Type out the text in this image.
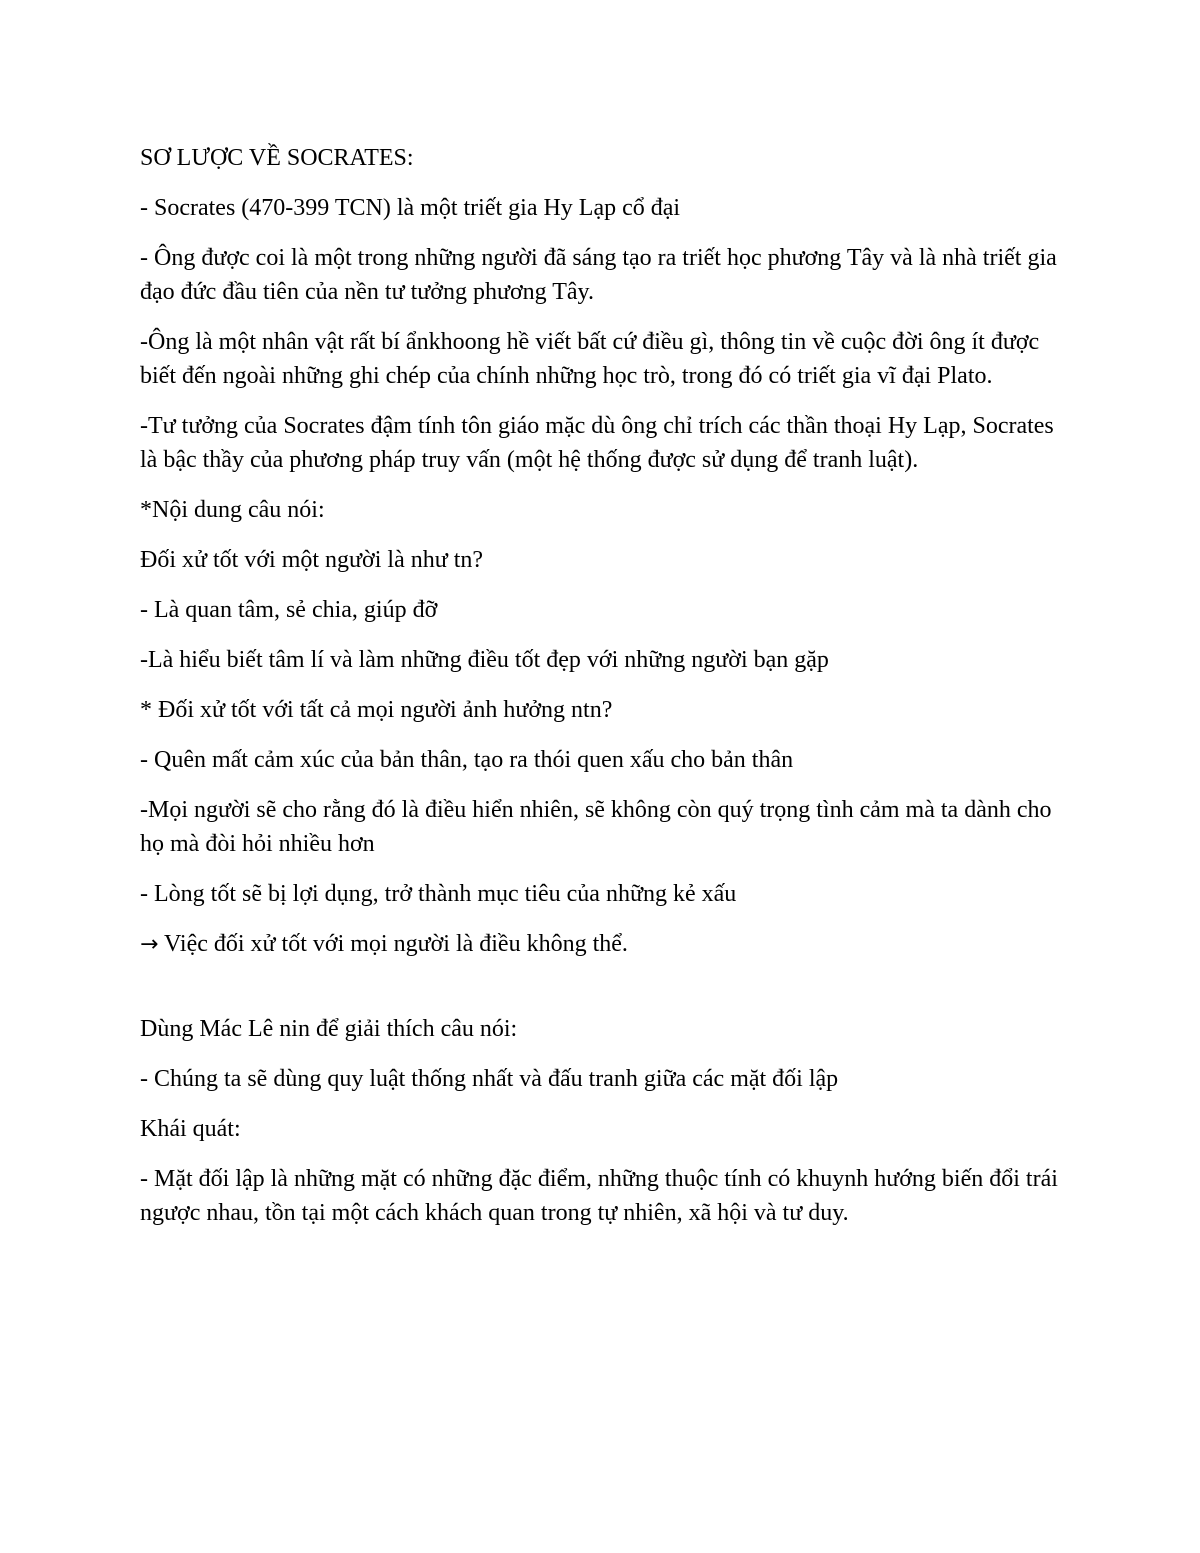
SƠ LƯỢC VỀ SOCRATES:

- Socrates (470-399 TCN) là một triết gia Hy Lạp cổ đại

- Ông được coi là một trong những người đã sáng tạo ra triết học phương Tây và là nhà triết gia đạo đức đầu tiên của nền tư tưởng phương Tây.

-Ông là một nhân vật rất bí ẩnkhoong hề viết bất cứ điều gì, thông tin về cuộc đời ông ít được biết đến ngoài những ghi chép của chính những học trò, trong đó có triết gia vĩ đại Plato.

-Tư tưởng của Socrates đậm tính tôn giáo mặc dù ông chỉ trích các thần thoại Hy Lạp, Socrates là bậc thầy của phương pháp truy vấn (một hệ thống được sử dụng để tranh luật).

*Nội dung câu nói:

Đối xử tốt với một người là như tn?

- Là quan tâm, sẻ chia, giúp đỡ

-Là hiểu biết tâm lí và làm những điều tốt đẹp với những người bạn gặp

* Đối xử tốt với tất cả mọi người ảnh hưởng ntn?

- Quên mất cảm xúc của bản thân, tạo ra thói quen xấu cho bản thân

-Mọi người sẽ cho rằng đó là điều hiển nhiên, sẽ không còn quý trọng tình cảm mà ta dành cho họ mà đòi hỏi nhiều hơn

- Lòng tốt sẽ bị lợi dụng, trở thành mục tiêu của những kẻ xấu

→ Việc đối xử tốt với mọi người là điều không thể.

Dùng Mác Lê nin để giải thích câu nói:

- Chúng ta sẽ dùng quy luật thống nhất và đấu tranh giữa các mặt đối lập

Khái quát:

- Mặt đối lập là những mặt có những đặc điểm, những thuộc tính có khuynh hướng biến đổi trái ngược nhau, tồn tại một cách khách quan trong tự nhiên, xã hội và tư duy.
